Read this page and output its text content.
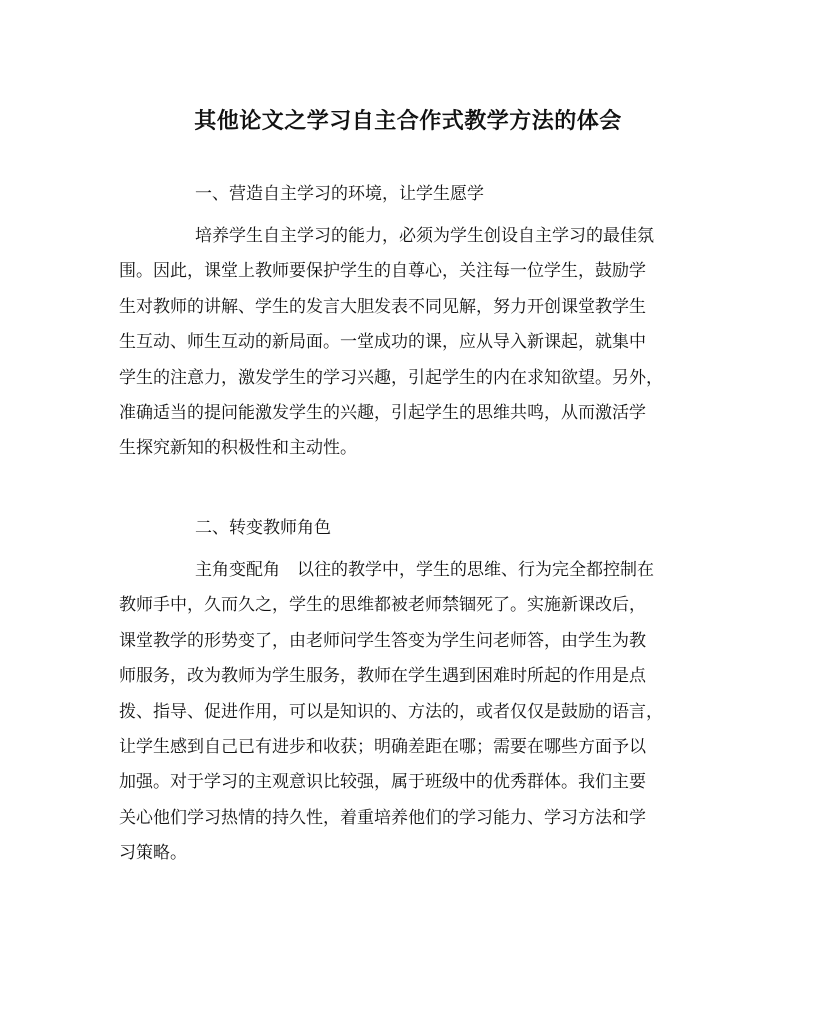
其他论文之学习自主合作式教学方法的体会
一、营造自主学习的环境，让学生愿学
培养学生自主学习的能力，必须为学生创设自主学习的最佳氛
围。因此，课堂上教师要保护学生的自尊心，关注每一位学生，鼓励学
生对教师的讲解、学生的发言大胆发表不同见解，努力开创课堂教学生
生互动、师生互动的新局面。一堂成功的课，应从导入新课起，就集中
学生的注意力，激发学生的学习兴趣，引起学生的内在求知欲望。另外，
准确适当的提问能激发学生的兴趣，引起学生的思维共鸣，从而激活学
生探究新知的积极性和主动性。
二、转变教师角色
主角变配角　以往的教学中，学生的思维、行为完全都控制在
教师手中，久而久之，学生的思维都被老师禁锢死了。实施新课改后，
课堂教学的形势变了，由老师问学生答变为学生问老师答，由学生为教
师服务，改为教师为学生服务，教师在学生遇到困难时所起的作用是点
拨、指导、促进作用，可以是知识的、方法的，或者仅仅是鼓励的语言，
让学生感到自己已有进步和收获；明确差距在哪；需要在哪些方面予以
加强。对于学习的主观意识比较强，属于班级中的优秀群体。我们主要
关心他们学习热情的持久性，着重培养他们的学习能力、学习方法和学
习策略。
